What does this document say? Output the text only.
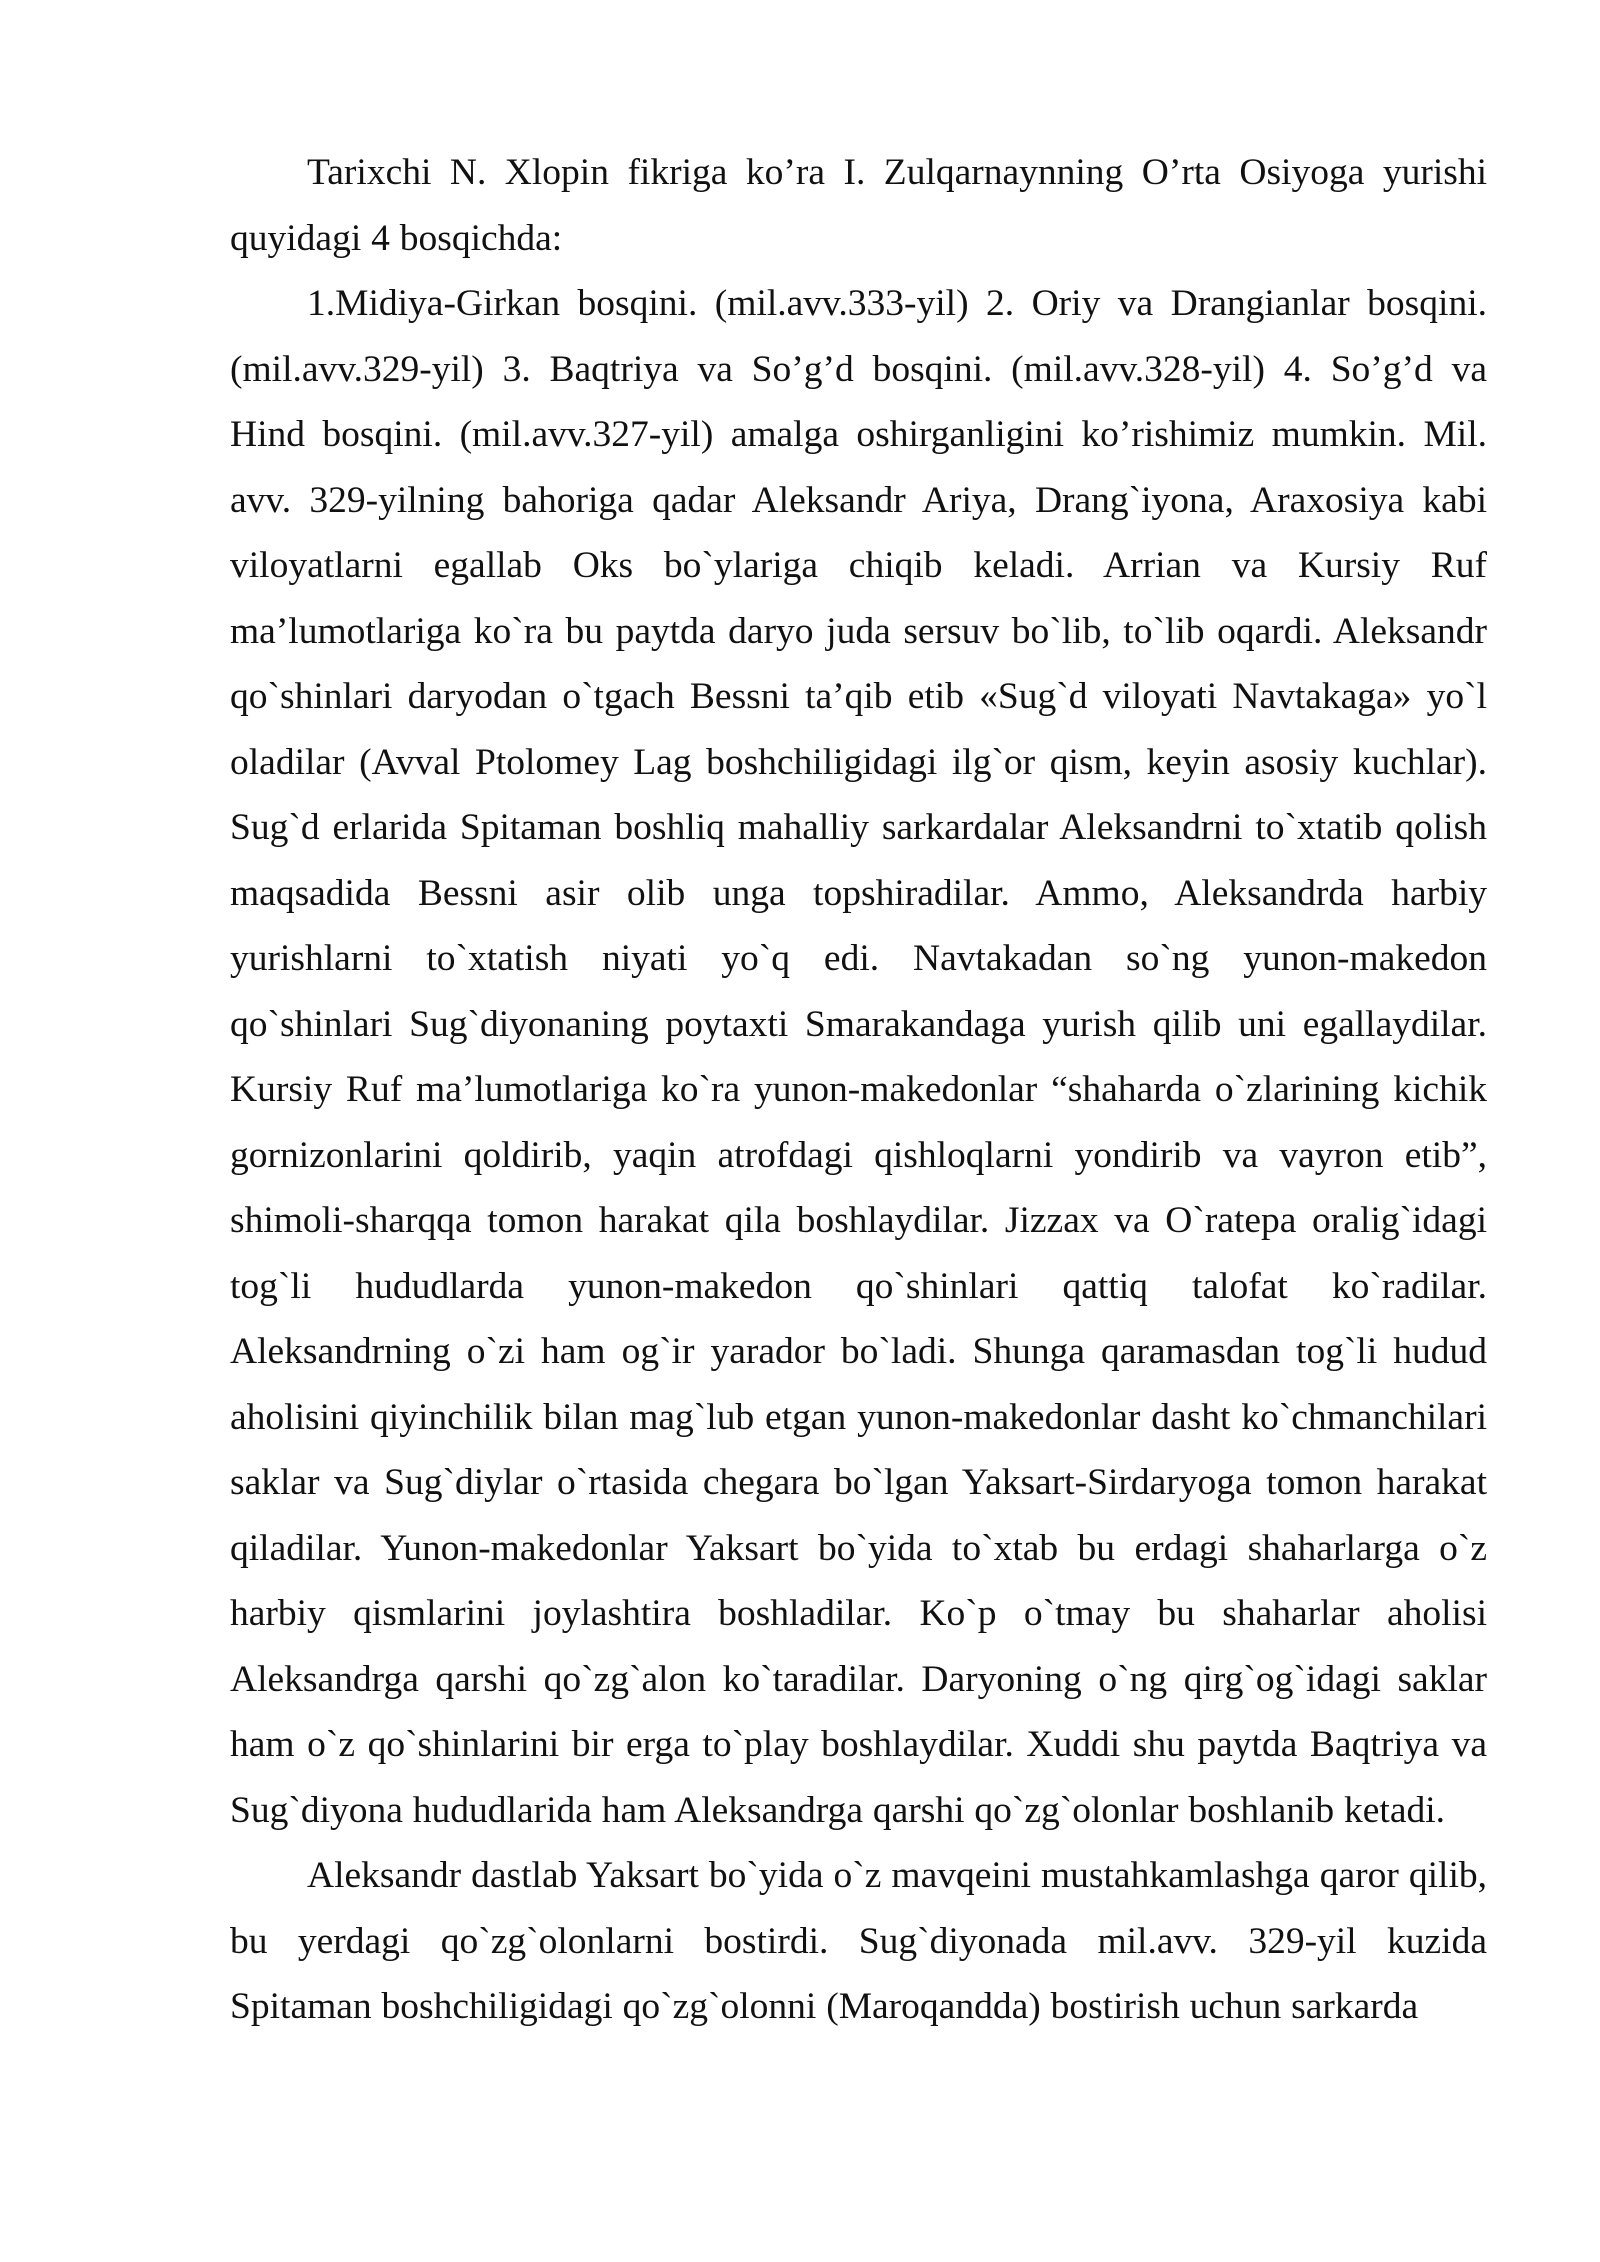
Tarixchi N. Xlopin fikriga ko’ra I. Zulqarnaynning O’rta Osiyoga yurishi quyidagi 4 bosqichda:

1.Midiya-Girkan bosqini. (mil.avv.333-yil) 2. Oriy va Drangianlar bosqini. (mil.avv.329-yil) 3. Baqtriya va So’g’d bosqini. (mil.avv.328-yil) 4. So’g’d va Hind bosqini. (mil.avv.327-yil) amalga oshirganligini ko’rishimiz mumkin. Mil. avv. 329-yilning bahoriga qadar Aleksandr Ariya, Drang`iyona, Araxosiya kabi viloyatlarni egallab Oks bo`ylariga chiqib keladi. Arrian va Kursiy Ruf ma’lumotlariga ko`ra bu paytda daryo juda sersuv bo`lib, to`lib oqardi. Aleksandr qo`shinlari daryodan o`tgach Bessni ta’qib etib «Sug`d viloyati Navtakaga» yo`l oladilar (Avval Ptolomey Lag boshchiligidagi ilg`or qism, keyin asosiy kuchlar). Sug`d erlarida Spitaman boshliq mahalliy sarkardalar Aleksandrni to`xtatib qolish maqsadida Bessni asir olib unga topshiradilar. Ammo, Aleksandrda harbiy yurishlarni to`xtatish niyati yo`q edi. Navtakadan so`ng yunon-makedon qo`shinlari Sug`diyonaning poytaxti Smarakandaga yurish qilib uni egallaydilar. Kursiy Ruf ma’lumotlariga ko`ra yunon-makedonlar “shaharda o`zlarining kichik gornizonlarini qoldirib, yaqin atrofdagi qishloqlarni yondirib va vayron etib”, shimoli-sharqqa tomon harakat qila boshlaydilar. Jizzax va O`ratepa oralig`idagi tog`li hududlarda yunon-makedon qo`shinlari qattiq talofat ko`radilar. Aleksandrning o`zi ham og`ir yarador bo`ladi. Shunga qaramasdan tog`li hudud aholisini qiyinchilik bilan mag`lub etgan yunon-makedonlar dasht ko`chmanchilari saklar va Sug`diylar o`rtasida chegara bo`lgan Yaksart-Sirdaryoga tomon harakat qiladilar. Yunon-makedonlar Yaksart bo`yida to`xtab bu erdagi shaharlarga o`z harbiy qismlarini joylashtira boshladilar. Ko`p o`tmay bu shaharlar aholisi Aleksandrga qarshi qo`zg`alon ko`taradilar. Daryoning o`ng qirg`og`idagi saklar ham o`z qo`shinlarini bir erga to`play boshlaydilar. Xuddi shu paytda Baqtriya va Sug`diyona hududlarida ham Aleksandrga qarshi qo`zg`olonlar boshlanib ketadi.

Aleksandr dastlab Yaksart bo`yida o`z mavqeini mustahkamlashga qaror qilib, bu yerdagi qo`zg`olonlarni bostirdi. Sug`diyonada mil.avv. 329-yil kuzida Spitaman boshchiligidagi qo`zg`olonni (Maroqandda) bostirish uchun sarkarda
